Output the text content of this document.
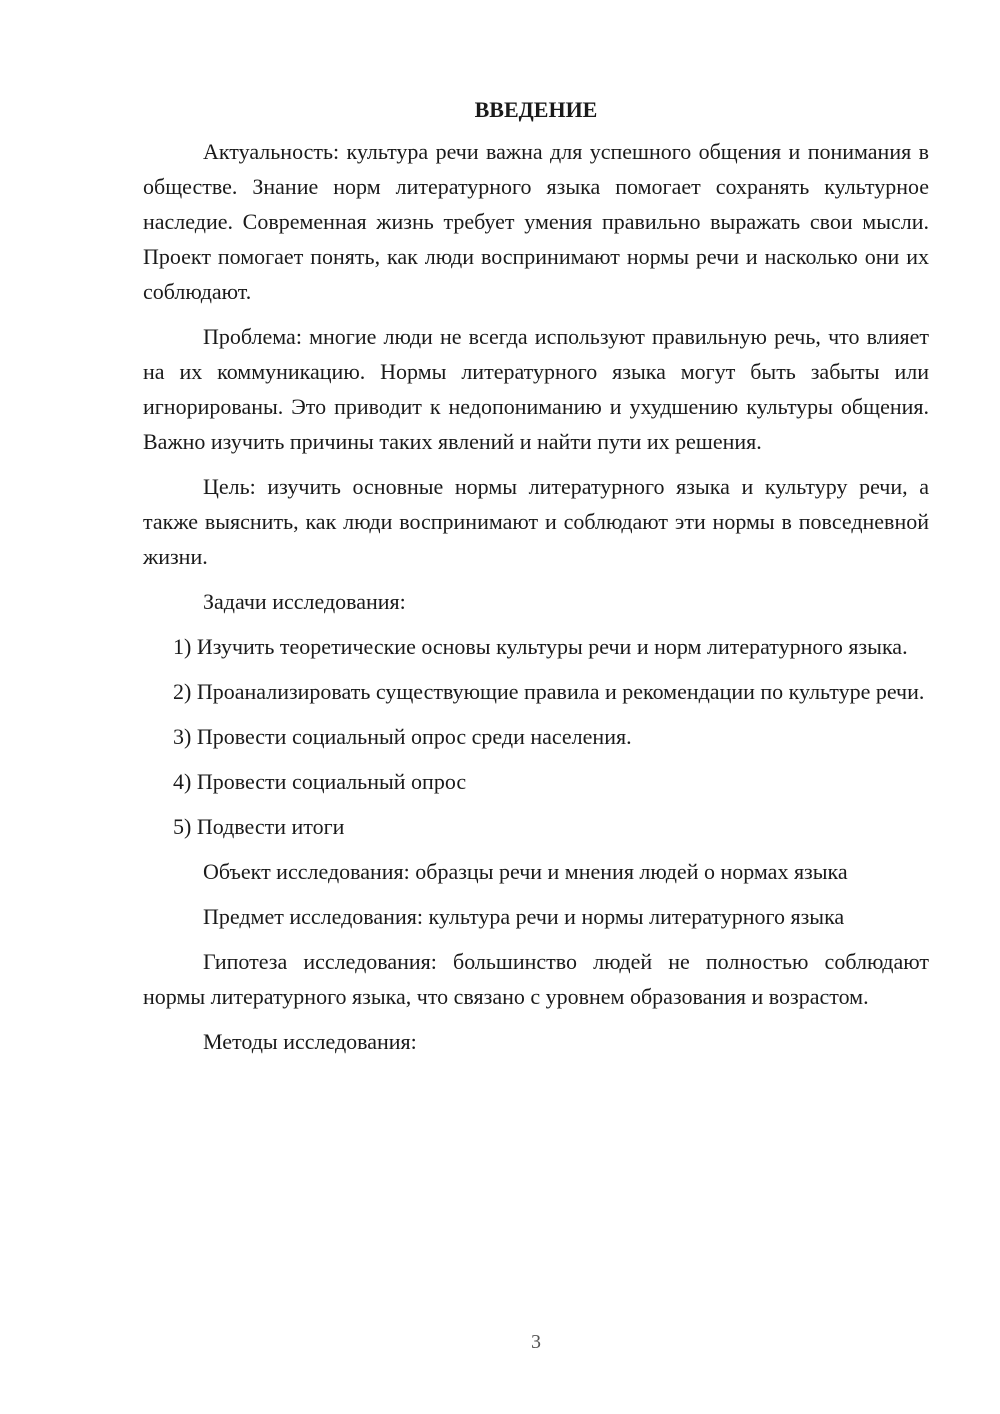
ВВЕДЕНИЕ

Актуальность: культура речи важна для успешного общения и понимания в обществе. Знание норм литературного языка помогает сохранять культурное наследие. Современная жизнь требует умения правильно выражать свои мысли. Проект помогает понять, как люди воспринимают нормы речи и насколько они их соблюдают.

Проблема: многие люди не всегда используют правильную речь, что влияет на их коммуникацию. Нормы литературного языка могут быть забыты или игнорированы. Это приводит к недопониманию и ухудшению культуры общения. Важно изучить причины таких явлений и найти пути их решения.

Цель: изучить основные нормы литературного языка и культуру речи, а также выяснить, как люди воспринимают и соблюдают эти нормы в повседневной жизни.

Задачи исследования:

1) Изучить теоретические основы культуры речи и норм литературного языка.

2) Проанализировать существующие правила и рекомендации по культуре речи.

3) Провести социальный опрос среди населения.

4) Провести социальный опрос

5) Подвести итоги

Объект исследования: образцы речи и мнения людей о нормах языка

Предмет исследования: культура речи и нормы литературного языка

Гипотеза исследования: большинство людей не полностью соблюдают нормы литературного языка, что связано с уровнем образования и возрастом.

Методы исследования:

3
